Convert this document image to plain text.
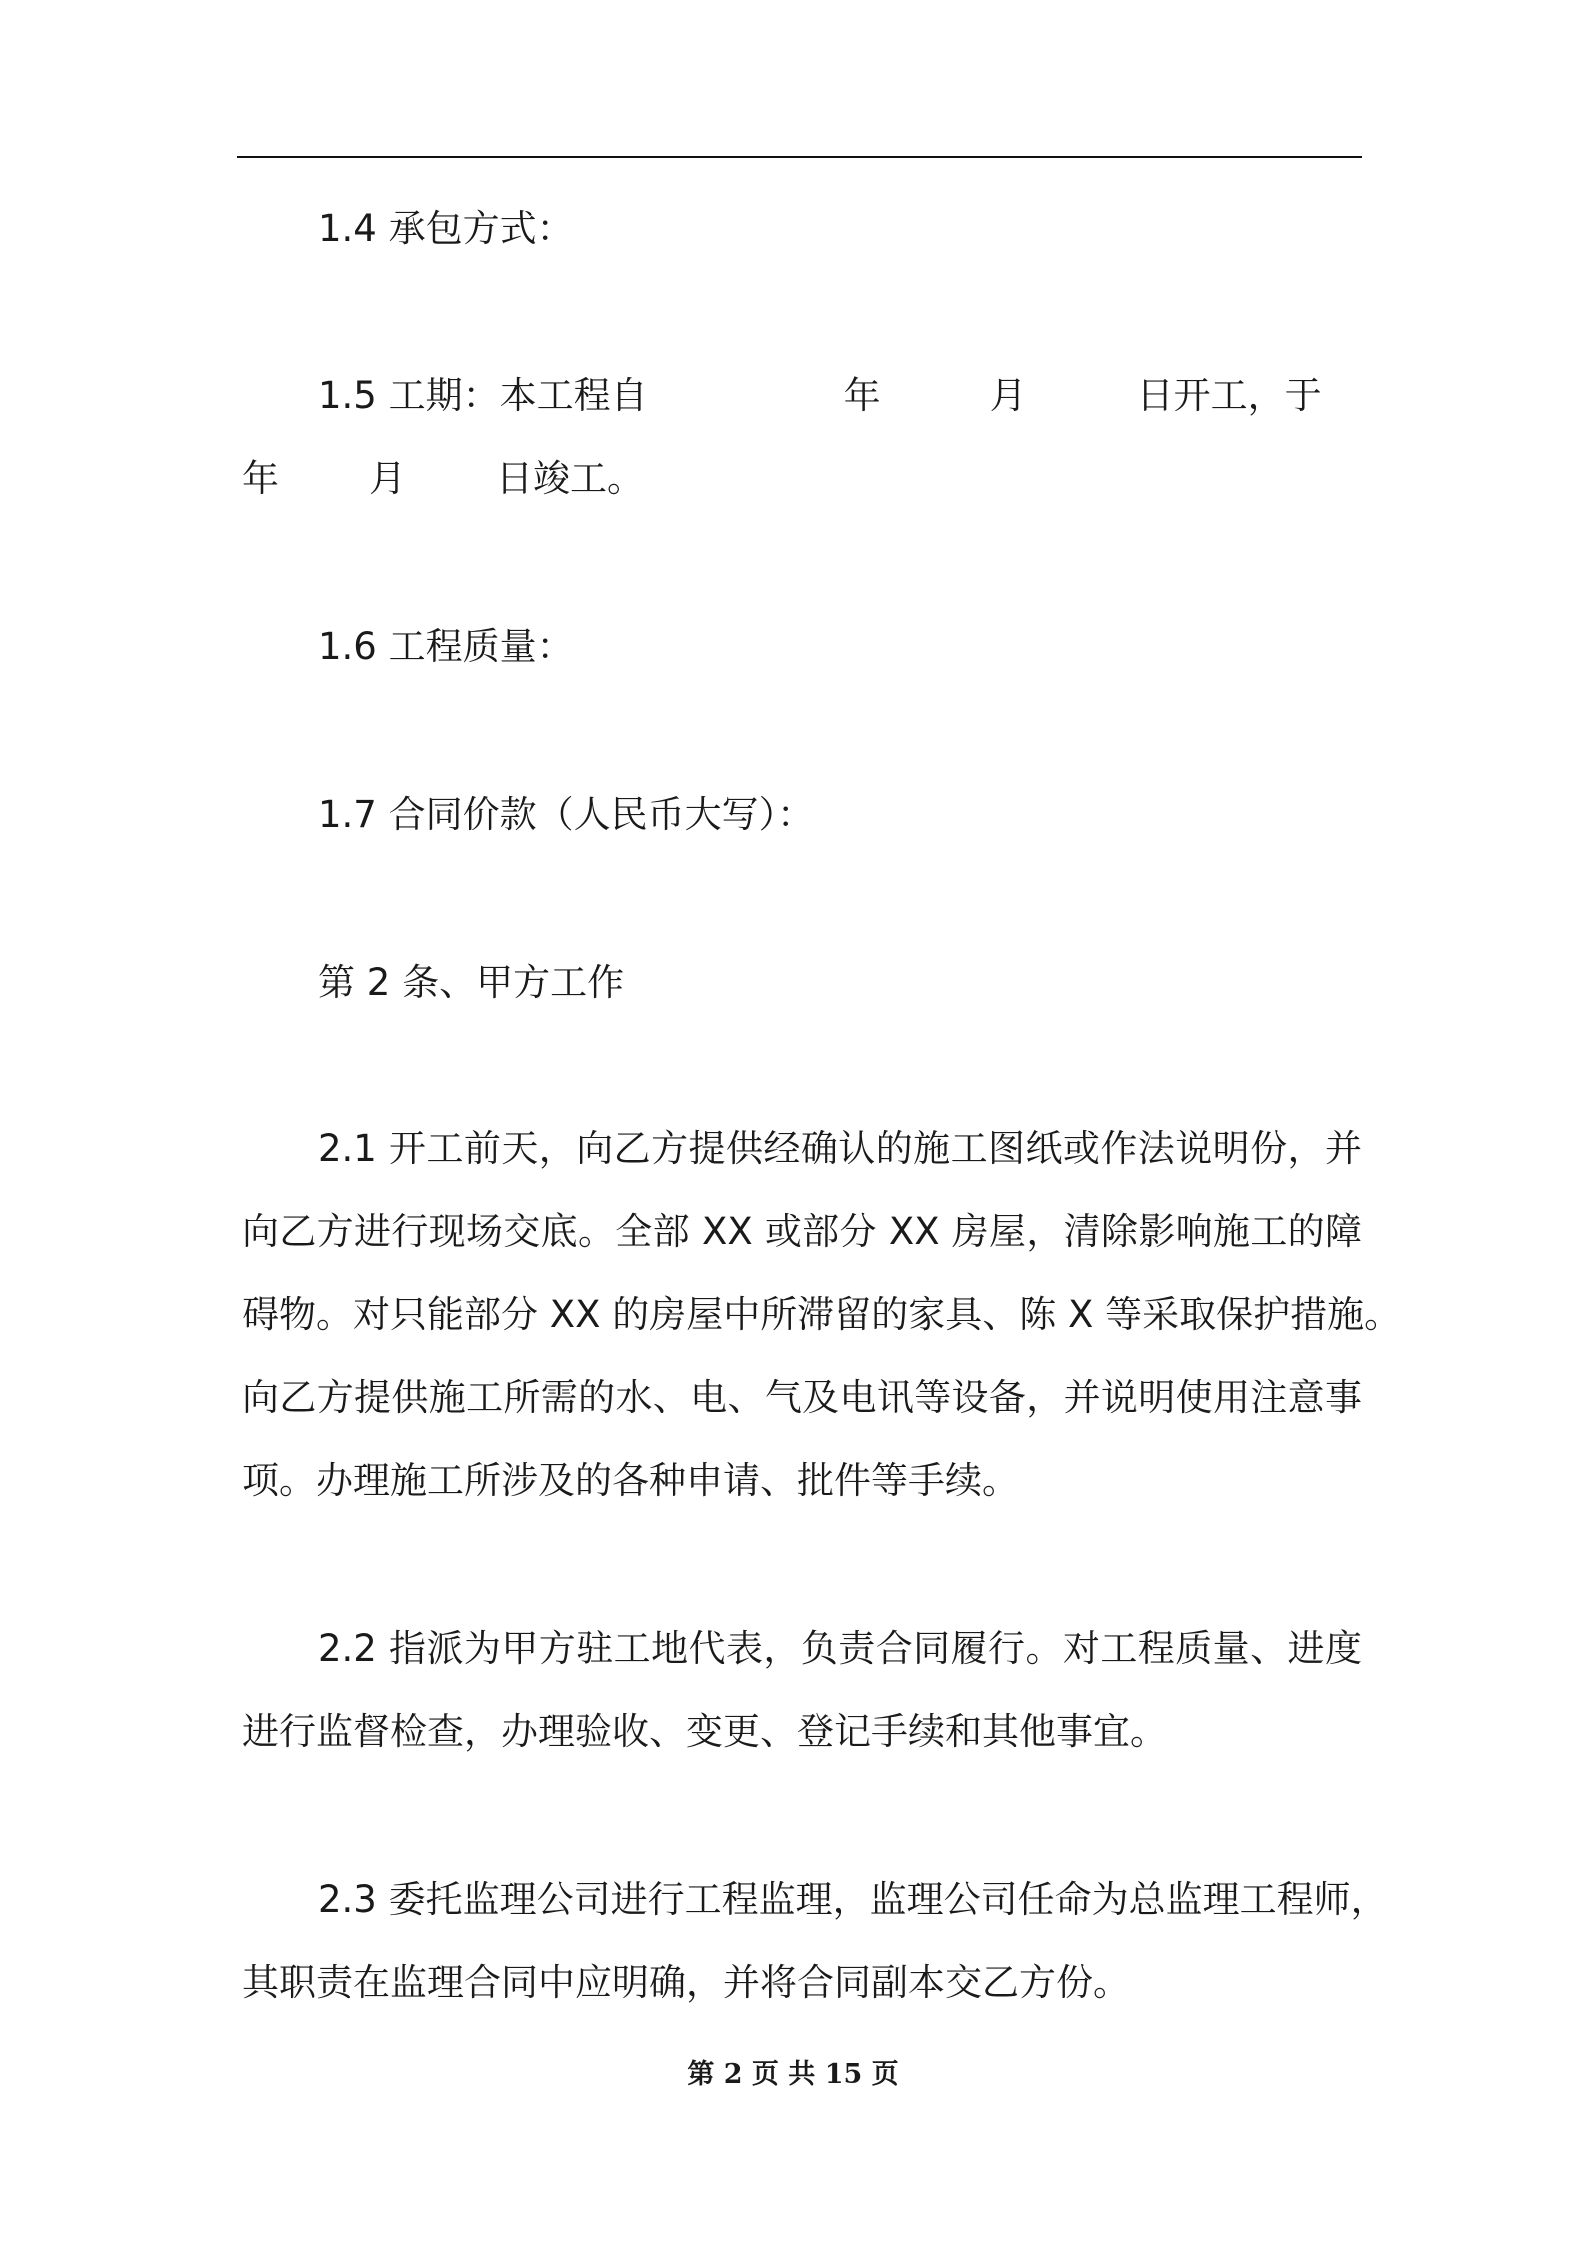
1.4 承包方式：
1.5 工期：本工程自	年	月	日开工，于
年 月 日竣工。
1.6 工程质量：
1.7 合同价款（人民币大写）：
第 2 条、甲方工作
2.1 开工前天，向乙方提供经确认的施工图纸或作法说明份，并
向乙方进行现场交底。全部 XX 或部分 XX 房屋，清除影响施工的障
碍物。对只能部分 XX 的房屋中所滞留的家具、陈 X 等采取保护措施。
向乙方提供施工所需的水、电、气及电讯等设备，并说明使用注意事
项。办理施工所涉及的各种申请、批件等手续。
2.2 指派为甲方驻工地代表，负责合同履行。对工程质量、进度
进行监督检查，办理验收、变更、登记手续和其他事宜。
2.3 委托监理公司进行工程监理，监理公司任命为总监理工程师，
其职责在监理合同中应明确，并将合同副本交乙方份。
第 2 页 共 15 页
